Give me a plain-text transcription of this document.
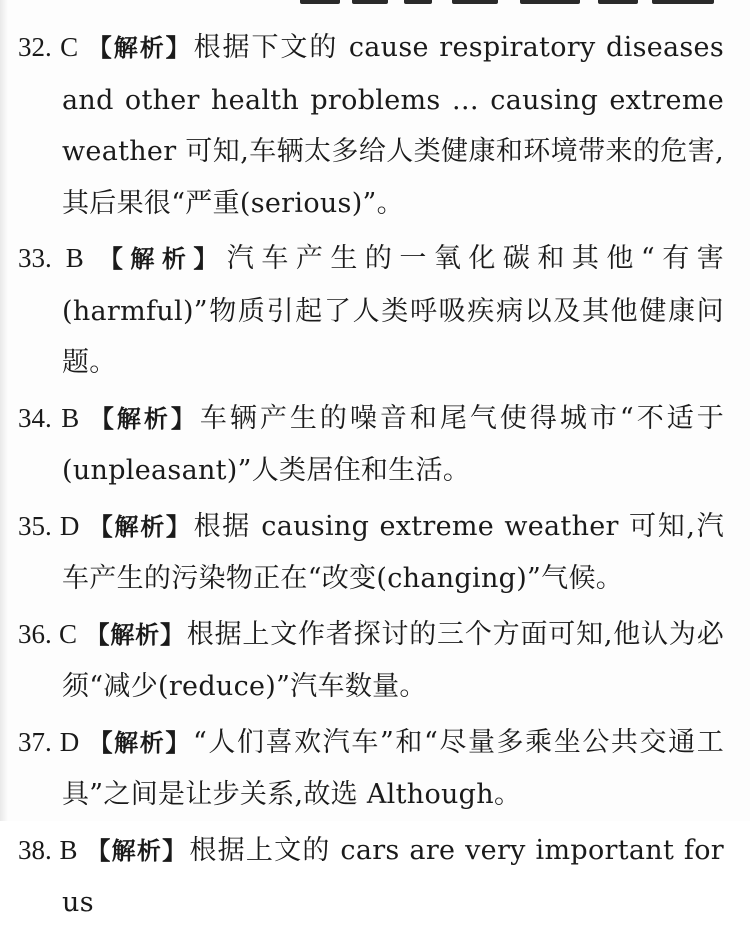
32. C 【解析】根据下文的 cause respiratory diseases and other health problems … causing extreme weather 可知,车辆太多给人类健康和环境带来的危害,其后果很“严重(serious)”。

33. B 【解析】汽车产生的一氧化碳和其他“有害(harmful)”物质引起了人类呼吸疾病以及其他健康问题。

34. B 【解析】车辆产生的噪音和尾气使得城市“不适于(unpleasant)”人类居住和生活。

35. D 【解析】根据 causing extreme weather 可知,汽车产生的污染物正在“改变(changing)”气候。

36. C 【解析】根据上文作者探讨的三个方面可知,他认为必须“减少(reduce)”汽车数量。

37. D 【解析】“人们喜欢汽车”和“尽量多乘坐公共交通工具”之间是让步关系,故选 Although。

38. B 【解析】根据上文的 cars are very important for us
